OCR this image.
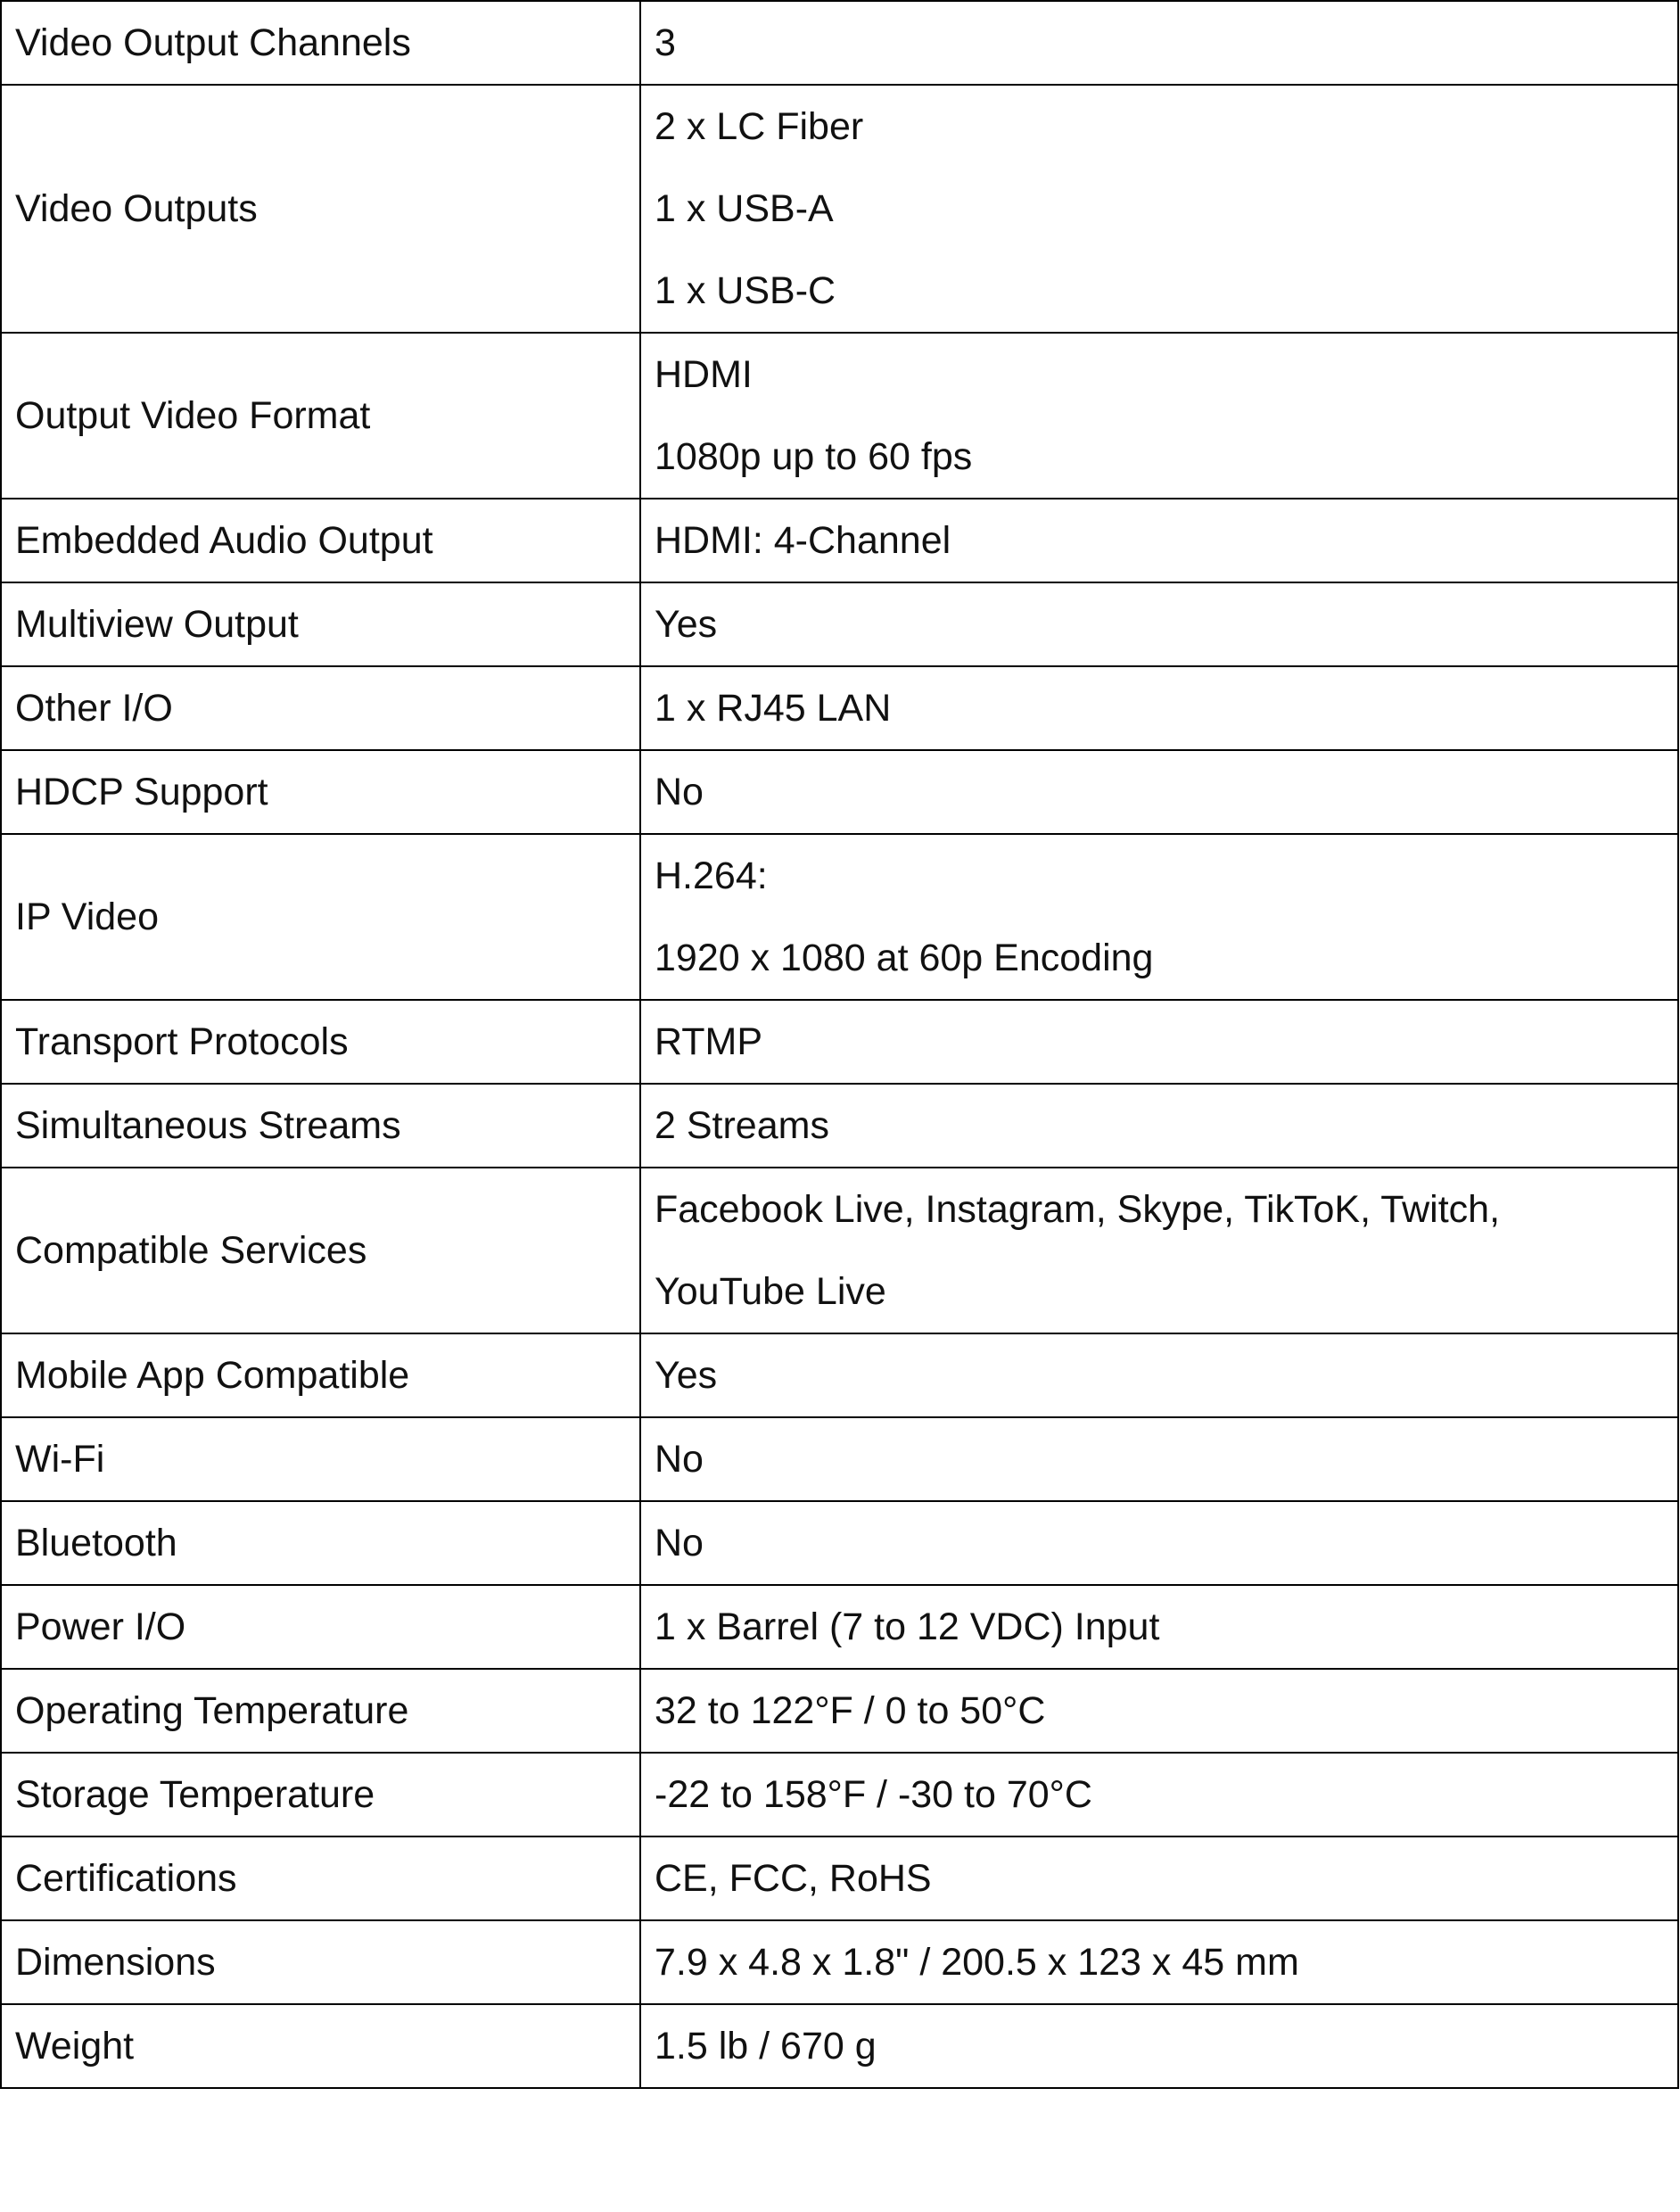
Video Output Channels	3

Video Outputs	2 x LC Fiber
1 x USB-A
1 x USB-C

Output Video Format	HDMI
1080p up to 60 fps

Embedded Audio Output	HDMI: 4-Channel

Multiview Output	Yes

Other I/O	1 x RJ45 LAN

HDCP Support	No

IP Video	H.264:
1920 x 1080 at 60p Encoding

Transport Protocols	RTMP

Simultaneous Streams	2 Streams

Compatible Services	Facebook Live, Instagram, Skype, TikToK, Twitch,
YouTube Live

Mobile App Compatible	Yes

Wi-Fi	No

Bluetooth	No

Power I/O	1 x Barrel (7 to 12 VDC) Input

Operating Temperature	32 to 122°F / 0 to 50°C

Storage Temperature	-22 to 158°F / -30 to 70°C

Certifications	CE, FCC, RoHS

Dimensions	7.9 x 4.8 x 1.8" / 200.5 x 123 x 45 mm

Weight	1.5 lb / 670 g
